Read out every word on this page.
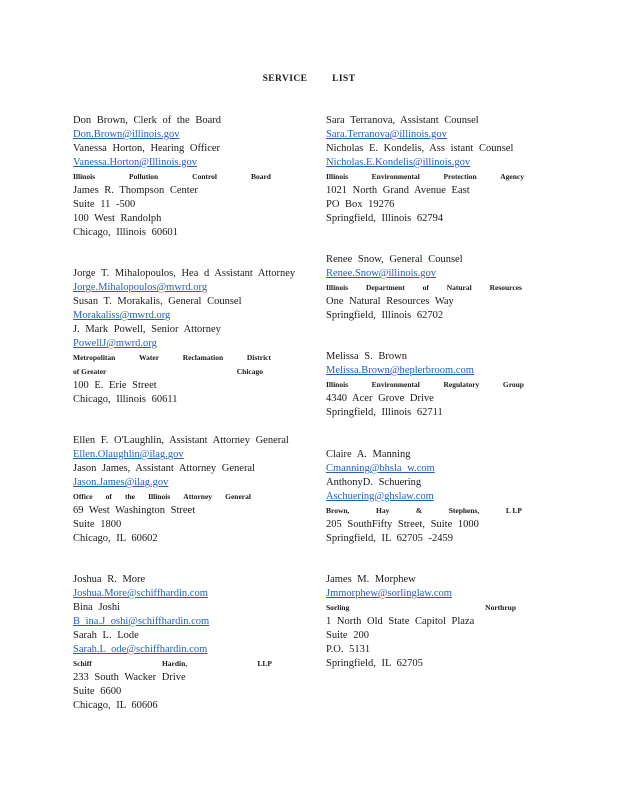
SERVICE LIST
Don Brown, Clerk of the Board
Don.Brown@illinois.gov
Vanessa Horton, Hearing Officer
Vanessa.Horton@Illinois.gov
Illinois	Pollution	Control	Board
James R. Thompson Center
Suite 11 -500
100 West Randolph
Chicago, Illinois 60601
Jorge T. Mihalopoulos, Hea d Assistant Attorney
Jorge.Mihalopoulos@mwrd.org
Susan T. Morakalis, General Counsel
Morakaliss@mwrd.org
J. Mark Powell, Senior Attorney
PowellJ@mwrd.org
Metropolitan	Water	Reclamation	District
of Greater	Chicago
100 E. Erie Street
Chicago, Illinois 60611
Ellen F. O'Laughlin, Assistant Attorney General
Ellen.Olaughlin@ilag.gov
Jason James, Assistant Attorney General
Jason.James@ilag.gov
Office of the Illinois Attorney General
69 West Washington Street
Suite 1800
Chicago, IL 60602
Joshua R. More
Joshua.More@schiffhardin.com
Bina Joshi
B ina.J oshi@schiffhardin.com
Sarah L. Lode
Sarah.L ode@schiffhardin.com
Schiff	Hardin,	LLP
233 South Wacker Drive
Suite 6600
Chicago, IL 60606
Sara Terranova, Assistant Counsel
Sara.Terranova@illinois.gov
Nicholas E. Kondelis, Ass istant Counsel
Nicholas.E.Kondelis@illinois.gov
Illinois	Environmental	Protection	Agency
1021 North Grand Avenue East
PO Box 19276
Springfield, Illinois 62794
Renee Snow, General Counsel
Renee.Snow@illinois.gov
Illinois Department of Natural Resources
One Natural Resources Way
Springfield, Illinois 62702
Melissa S. Brown
Melissa.Brown@heplerbroom.com
Illinois	Environmental	Regulatory	Group
4340 Acer Grove Drive
Springfield, Illinois 62711
Claire A. Manning
Cmanning@bhsla w.com
AnthonyD. Schuering
Aschuering@ghslaw.com
Brown,	Hay	&	Stephens,	L LP
205 SouthFifty Street, Suite 1000
Springfield, IL 62705 -2459
James M. Morphew
Jmmorphew@sorlinglaw.com
Sorling	Northrup
1 North Old State Capitol Plaza
Suite 200
P.O. 5131
Springfield, IL 62705
